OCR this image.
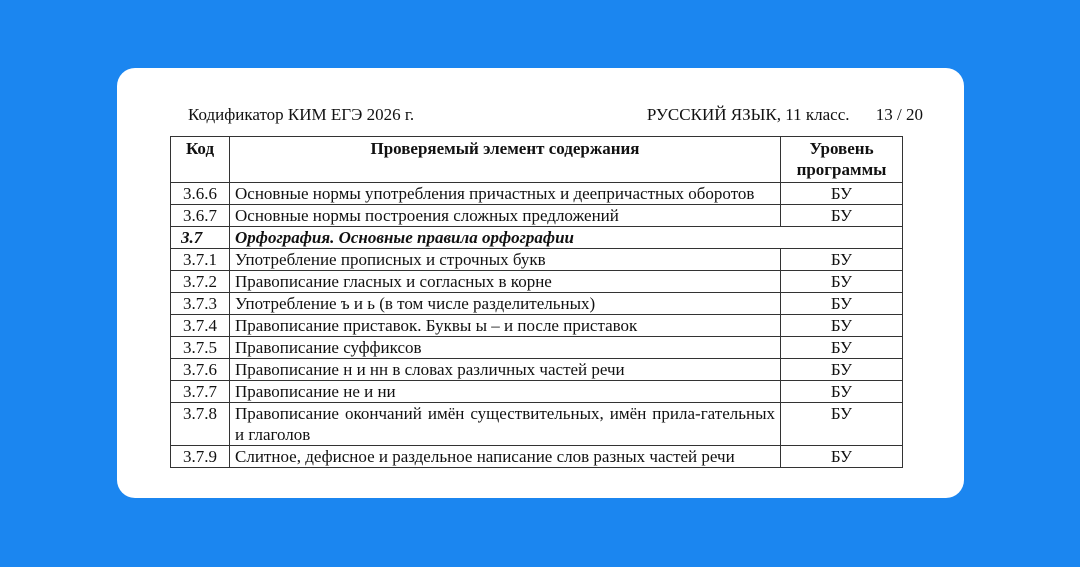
Кодификатор КИМ ЕГЭ 2026 г.	РУССКИЙ ЯЗЫК, 11 класс. 13 / 20
Код	Проверяемый элемент содержания	Уровень программы
3.6.6	Основные нормы употребления причастных и деепричастных оборотов	БУ
3.6.7	Основные нормы построения сложных предложений	БУ
3.7	Орфография. Основные правила орфографии	
3.7.1	Употребление прописных и строчных букв	БУ
3.7.2	Правописание гласных и согласных в корне	БУ
3.7.3	Употребление ъ и ь (в том числе разделительных)	БУ
3.7.4	Правописание приставок. Буквы ы – и после приставок	БУ
3.7.5	Правописание суффиксов	БУ
3.7.6	Правописание н и нн в словах различных частей речи	БУ
3.7.7	Правописание не и ни	БУ
3.7.8	Правописание окончаний имён существительных, имён прила-гательных и глаголов	БУ
3.7.9	Слитное, дефисное и раздельное написание слов разных частей речи	БУ
